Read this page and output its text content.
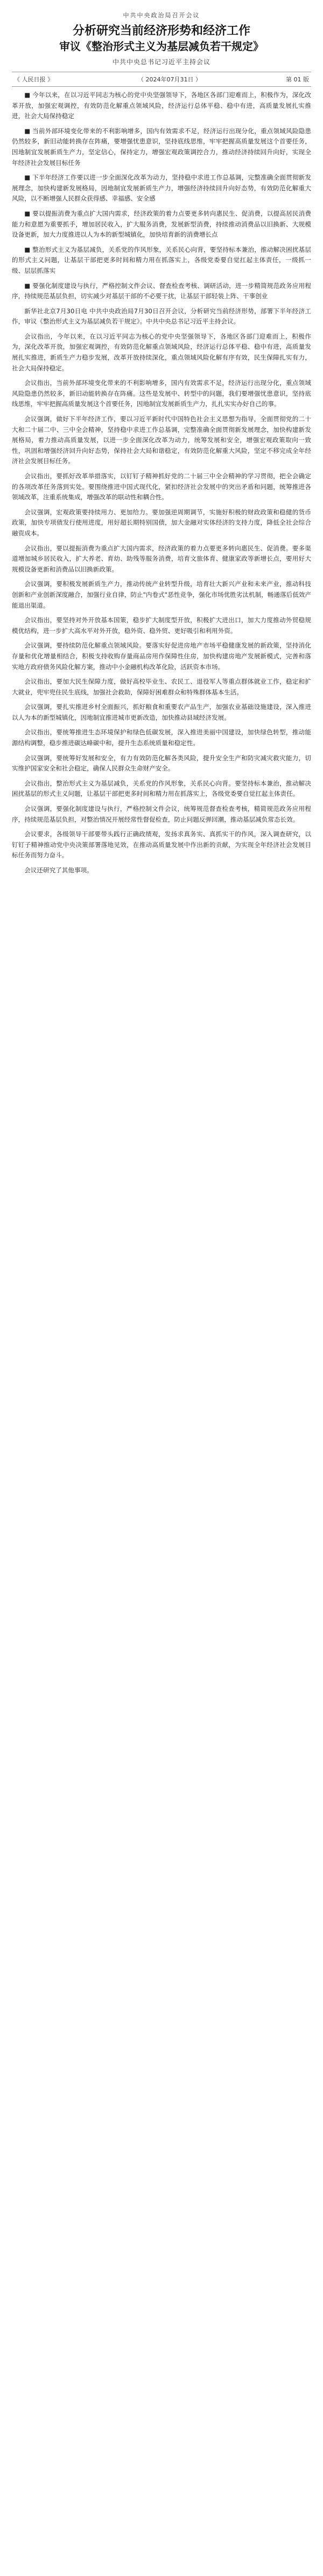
中共中央政治局召开会议
分析研究当前经济形势和经济工作
审议《整治形式主义为基层减负若干规定》
中共中央总书记习近平主持会议
《 人民日报 》	（ 2024年07月31日 ）	第 01 版

■ 今年以来，在以习近平同志为核心的党中央坚强领导下，各地区各部门迎难而上，积极作为，深化改革开放，加强宏观调控，有效防范化解重点领域风险，经济运行总体平稳、稳中有进，高质量发展扎实推进，社会大局保持稳定

■ 当前外部环境变化带来的不利影响增多，国内有效需求不足，经济运行出现分化，重点领域风险隐患仍然较多，新旧动能转换存在阵痛，要增强忧患意识，坚持底线思维，牢牢把握高质量发展这个首要任务，因地制宜发展新质生产力，坚定信心，保持定力，增强宏观政策调控合力，推动经济持续回升向好，实现全年经济社会发展目标任务

■ 下半年经济工作要以进一步全面深化改革为动力，坚持稳中求进工作总基调，完整准确全面贯彻新发展理念，加快构建新发展格局，因地制宜发展新质生产力，增强经济持续回升向好态势，有效防范化解重大风险，以不断增强人民群众获得感、幸福感、安全感

■ 要以提振消费为重点扩大国内需求，经济政策的着力点要更多转向惠民生、促消费，以提高居民消费能力和意愿为重要抓手，增加居民收入，扩大服务消费，发展新型消费，持续推动消费品以旧换新、大规模设备更新，加大力度推进以人为本的新型城镇化，加快培育新的消费增长点

■ 整治形式主义为基层减负，关系党的作风形象，关系民心向背，要坚持标本兼治，推动解决困扰基层的形式主义问题，让基层干部把更多时间和精力用在抓落实上，各级党委要自觉扛起主体责任，一级抓一级、层层抓落实

■ 要强化制度建设与执行，严格控制文件会议、督查检查考核、调研活动，进一步精简规范政务应用程序，持续规范基层负担，切实减少对基层干部的不必要干扰，让基层干部轻装上阵、干事创业

新华社北京7月30日电 中共中央政治局7月30日召开会议，分析研究当前经济形势，部署下半年经济工作，审议《整治形式主义为基层减负若干规定》。中共中央总书记习近平主持会议。

会议指出，今年以来，在以习近平同志为核心的党中央坚强领导下，各地区各部门迎难而上，积极作为，深化改革开放，加强宏观调控，有效防范化解重点领域风险，经济运行总体平稳、稳中有进，高质量发展扎实推进，新质生产力稳步发展，改革开放持续深化，重点领域风险化解有序有效，民生保障扎实有力，社会大局保持稳定。

会议指出，当前外部环境变化带来的不利影响增多，国内有效需求不足，经济运行出现分化，重点领域风险隐患仍然较多，新旧动能转换存在阵痛。这些是发展中、转型中的问题，我们要增强忧患意识，坚持底线思维，牢牢把握高质量发展这个首要任务，因地制宜发展新质生产力，扎扎实实办好自己的事。

会议强调，做好下半年经济工作，要以习近平新时代中国特色社会主义思想为指导，全面贯彻党的二十大和二十届二中、三中全会精神，坚持稳中求进工作总基调，完整准确全面贯彻新发展理念，加快构建新发展格局，着力推动高质量发展，以进一步全面深化改革为动力，统筹发展和安全，增强宏观政策取向一致性，巩固和增强经济回升向好态势，保持社会大局和谐稳定，有效防范化解重大风险，坚定不移完成全年经济社会发展目标任务。

会议指出，要抓好改革举措落实，以钉钉子精神抓好党的二十届三中全会精神的学习贯彻，把全会确定的各项改革任务落到实处。要围绕推进中国式现代化，紧扣经济社会发展中的突出矛盾和问题，统筹推进各领域改革，注重系统集成，增强改革的联动性和耦合性。

会议强调，宏观政策要持续用力、更加给力。要加强逆周期调节，实施好积极的财政政策和稳健的货币政策，加快专项债发行使用进度，用好超长期特别国债，加大金融对实体经济的支持力度，降低全社会综合融资成本。

会议指出，要以提振消费为重点扩大国内需求，经济政策的着力点要更多转向惠民生、促消费。要多渠道增加城乡居民收入，扩大养老、育幼、助残等服务消费，培育文旅体育、健康家政等新增长点，要用好大规模设备更新和消费品以旧换新政策。

会议强调，要积极发展新质生产力，推动传统产业转型升级，培育壮大新兴产业和未来产业，推动科技创新和产业创新深度融合，加强行业自律，防止"内卷式"恶性竞争，强化市场优胜劣汰机制，畅通落后低效产能退出渠道。

会议指出，要坚持对外开放基本国策，稳步扩大制度型开放，积极扩大进出口，加大力度推动外贸稳规模优结构，进一步扩大高水平对外开放，稳外资、稳外贸、更好吸引和利用外资。

会议强调，要持续防范化解重点领域风险。要落实好促进房地产市场平稳健康发展的新政策，坚持消化存量和优化增量相结合，积极支持收购存量商品房用作保障性住房，加快构建房地产发展新模式，完善和落实地方政府债务风险化解方案，推动中小金融机构改革化险，活跃资本市场。

会议指出，要加大民生保障力度，做好高校毕业生、农民工、退役军人等重点群体就业工作，稳定和扩大就业，兜牢兜住民生底线，加强社会救助，保障好困难群众和特殊群体基本生活。

会议强调，要扎实推进乡村全面振兴，抓好粮食和重要农产品生产，加强农业基础设施建设，深入推进以人为本的新型城镇化，因地制宜推进城市更新改造，加快推动县域经济发展。

会议指出，要统筹推进生态环境保护和绿色低碳发展，深入推进美丽中国建设，加快绿色转型，推动能源结构调整，稳步推进碳达峰碳中和，提升生态系统质量和稳定性。

会议强调，要统筹好发展和安全，有力有效防范化解各类风险，提升安全生产和防灾减灾救灾能力，切实维护国家安全和社会稳定，确保人民群众生命财产安全。

会议指出，整治形式主义为基层减负，关系党的作风形象，关系民心向背。要坚持标本兼治，推动解决困扰基层的形式主义问题，让基层干部把更多时间和精力用在抓落实上，各级党委要自觉扛起主体责任。

会议强调，要强化制度建设与执行，严格控制文件会议，统筹规范督查检查考核，精简规范政务应用程序，持续规范基层负担，对整治情况开展经常性督促检查，防止问题反弹回潮，推动基层减负常态长效。

会议要求，各级领导干部要带头践行正确政绩观，发扬求真务实、真抓实干的作风，深入调查研究，以钉钉子精神推动党中央决策部署落地见效，在推动高质量发展中作出新的贡献，为实现全年经济社会发展目标任务而努力奋斗。

会议还研究了其他事项。
